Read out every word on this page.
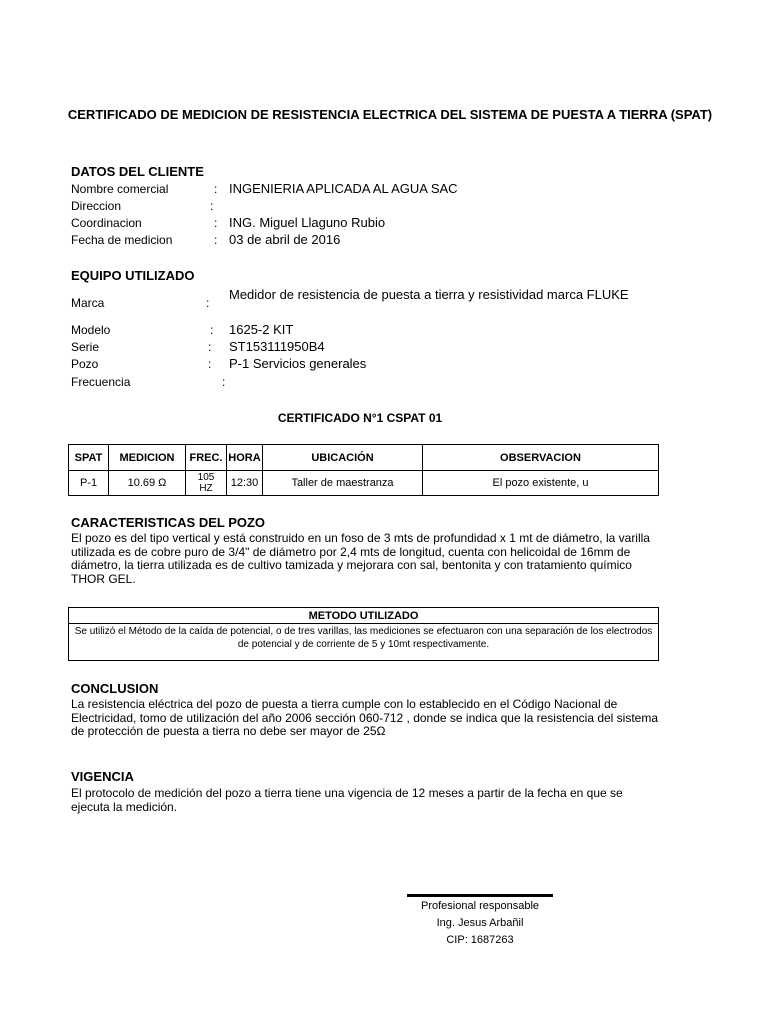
CERTIFICADO DE MEDICION DE RESISTENCIA ELECTRICA DEL SISTEMA DE PUESTA A TIERRA (SPAT)
DATOS DEL CLIENTE
Nombre comercial	: INGENIERIA APLICADA AL AGUA SAC
Direccion	:
Coordinacion	: ING. Miguel Llaguno Rubio
Fecha de medicion	: 03 de abril de 2016
EQUIPO UTILIZADO
Marca	:
Medidor de resistencia de puesta a tierra y resistividad marca FLUKE
Modelo	: 1625-2 KIT
Serie	: ST153111950B4
Pozo	: P-1 Servicios generales
Frecuencia	:
CERTIFICADO N°1 CSPAT 01
SPAT	MEDICION	FREC.	HORA	UBICACIÓN	OBSERVACION
P-1	10.69 Ω	105 HZ	12:30	Taller de maestranza	El pozo existente, u
CARACTERISTICAS DEL POZO
El pozo es del tipo vertical y está construido en un foso de 3 mts de profundidad x 1 mt de diámetro, la varilla utilizada es de cobre puro de 3/4" de diámetro por 2,4 mts de longitud, cuenta con helicoidal de 16mm de diámetro, la tierra utilizada es de cultivo tamizada y mejorara con sal, bentonita y con tratamiento químico THOR GEL.
METODO UTILIZADO
Se utilizó el Método de la caída de potencial, o de tres varillas, las mediciones se efectuaron con una separación de los electrodos de potencial y de corriente de 5 y 10mt respectivamente.
CONCLUSION
La resistencia eléctrica del pozo de puesta a tierra cumple con lo establecido en el Código Nacional de Electricidad, tomo de utilización del año 2006 sección 060-712 , donde se indica que la resistencia del sistema de protección de puesta a tierra no debe ser mayor de 25Ω
VIGENCIA
El protocolo de medición del pozo a tierra tiene una vigencia de 12 meses a partir de la fecha en que se ejecuta la medición.
Profesional responsable
Ing. Jesus Arbañil
CIP: 1687263
